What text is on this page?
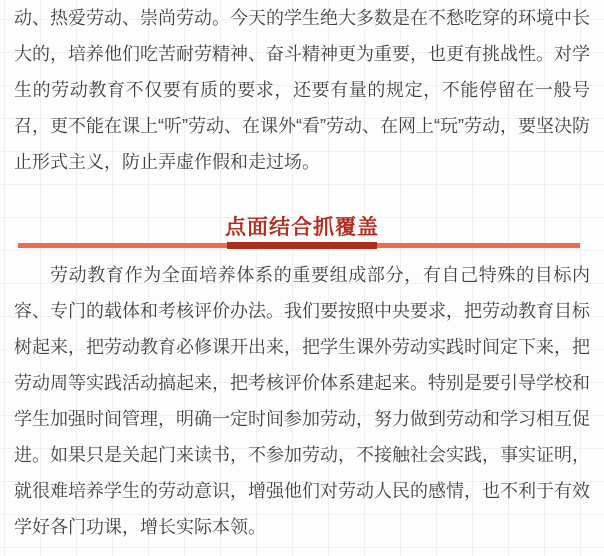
动、热爱劳动、崇尚劳动。今天的学生绝大多数是在不愁吃穿的环境中长大的，培养他们吃苦耐劳精神、奋斗精神更为重要，也更有挑战性。对学生的劳动教育不仅要有质的要求，还要有量的规定，不能停留在一般号召，更不能在课上“听”劳动、在课外“看”劳动、在网上“玩”劳动，要坚决防止形式主义，防止弄虚作假和走过场。

点面结合抓覆盖

劳动教育作为全面培养体系的重要组成部分，有自己特殊的目标内容、专门的载体和考核评价办法。我们要按照中央要求，把劳动教育目标树起来，把劳动教育必修课开出来，把学生课外劳动实践时间定下来，把劳动周等实践活动搞起来，把考核评价体系建起来。特别是要引导学校和学生加强时间管理，明确一定时间参加劳动，努力做到劳动和学习相互促进。如果只是关起门来读书，不参加劳动，不接触社会实践，事实证明，就很难培养学生的劳动意识，增强他们对劳动人民的感情，也不利于有效学好各门功课，增长实际本领。
